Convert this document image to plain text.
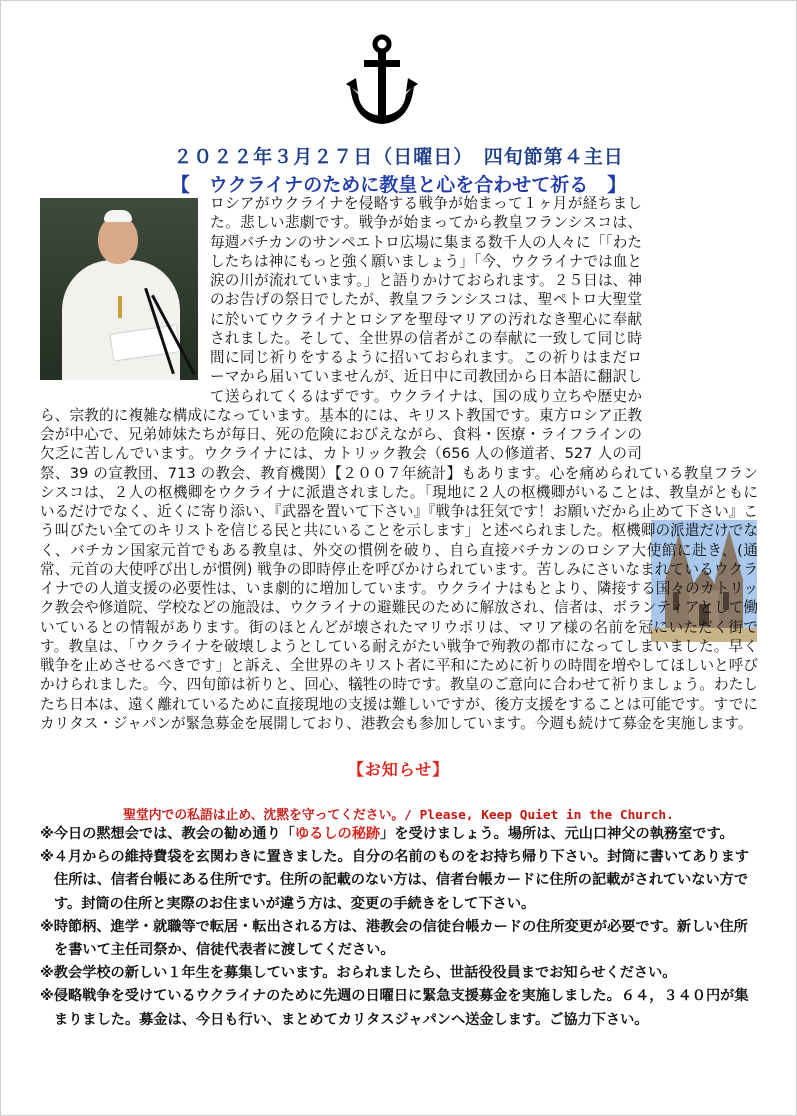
２０２２年３月２７日（日曜日）　四旬節第４主日
【　ウクライナのために教皇と心を合わせて祈る　】

ロシアがウクライナを侵略する戦争が始まって１ヶ月が経ちました。悲しい悲劇です。戦争が始まってから教皇フランシスコは、毎週バチカンのサンペエトロ広場に集まる数千人の人々に「「わたしたちは神にもっと強く願いましょう」「今、ウクライナでは血と涙の川が流れています。」と語りかけておられます。２５日は、神のお告げの祭日でしたが、教皇フランシスコは、聖ペトロ大聖堂に於いてウクライナとロシアを聖母マリアの汚れなき聖心に奉献されました。そして、全世界の信者がこの奉献に一致して同じ時間に同じ祈りをするように招いておられます。この祈りはまだローマから届いていませんが、近日中に司教団から日本語に翻訳して送られてくるはずです。ウクライナは、国の成り立ちや歴史から、宗教的に複雑な構成になっています。基本的には、キリスト教国です。東方ロシア正教会が中心で、兄弟姉妹たちが毎日、死の危険におびえながら、食料・医療・ライフラインの欠乏に苦しんでいます。ウクライナには、カトリック教会（656 人の修道者、527 人の司祭、39 の宣教団、713 の教会、教育機関）【２００７年統計】もあります。心を痛められている教皇フランシスコは、２人の枢機卿をウクライナに派遣されました。「現地に２人の枢機卿がいることは、教皇がともにいるだけでなく、近くに寄り添い、『武器を置いて下さい』『戦争は狂気です！お願いだから止めて下さい』こう叫びたい全てのキリストを信じる民と共にいることを示します」と述べられました。枢機卿の派遣だけでなく、バチカン国家元首でもある教皇は、外交の慣例を破り、自ら直接バチカンのロシア大使館に赴き、(通常、元首の大使呼び出しが慣例) 戦争の即時停止を呼びかけられています。苦しみにさいなまれているウクライナでの人道支援の必要性は、いま劇的に増加しています。ウクライナはもとより、隣接する国々のカトリック教会や修道院、学校などの施設は、ウクライナの避難民のために解放され、信者は、ボランティアとして働いているとの情報があります。街のほとんどが壊されたマリウポリは、マリア様の名前を冠にいただく街です。教皇は、「ウクライナを破壊しようとしている耐えがたい戦争で殉教の都市になってしまいました。早く戦争を止めさせるべきです」と訴え、全世界のキリスト者に平和にために祈りの時間を増やしてほしいと呼びかけられました。今、四旬節は祈りと、回心、犠牲の時です。教皇のご意向に合わせて祈りましょう。わたしたち日本は、遠く離れているために直接現地の支援は難しいですが、後方支援をすることは可能です。すでにカリタス・ジャパンが緊急募金を展開しており、港教会も参加しています。今週も続けて募金を実施します。

【お知らせ】
聖堂内での私語は止め、沈黙を守ってください。/ Please, Keep Quiet in the Church.
※今日の黙想会では、教会の勧め通り「ゆるしの秘跡」を受けましょう。場所は、元山口神父の執務室です。
※４月からの維持費袋を玄関わきに置きました。自分の名前のものをお持ち帰り下さい。封筒に書いてあります住所は、信者台帳にある住所です。住所の記載のない方は、信者台帳カードに住所の記載がされていない方です。封筒の住所と実際のお住まいが違う方は、変更の手続きをして下さい。
※時節柄、進学・就職等で転居・転出される方は、港教会の信徒台帳カードの住所変更が必要です。新しい住所を書いて主任司祭か、信徒代表者に渡してください。
※教会学校の新しい１年生を募集しています。おられましたら、世話役役員までお知らせください。
※侵略戦争を受けているウクライナのために先週の日曜日に緊急支援募金を実施しました。６４，３４０円が集まりました。募金は、今日も行い、まとめてカリタスジャパンへ送金します。ご協力下さい。
